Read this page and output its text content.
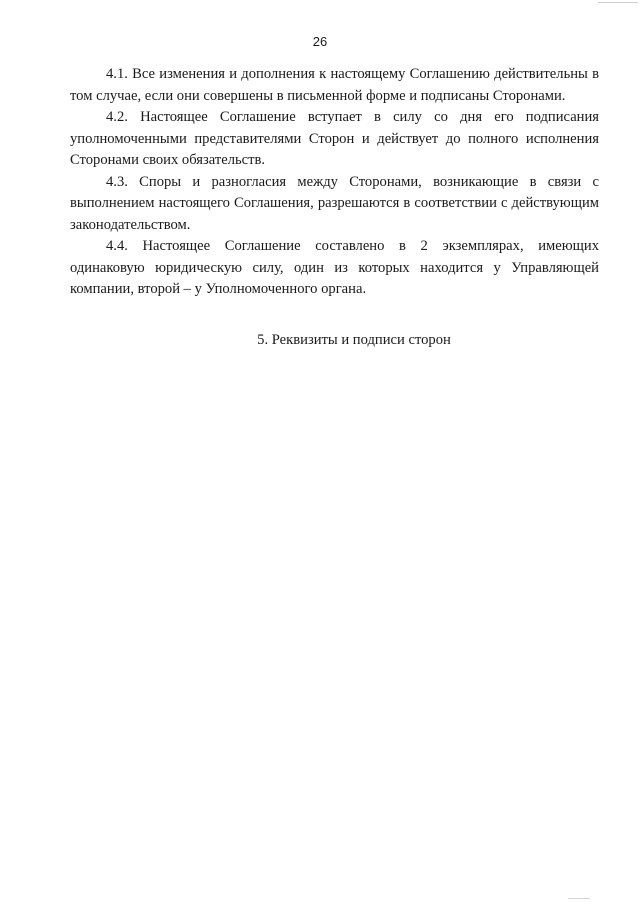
26

4.1. Все изменения и дополнения к настоящему Соглашению действительны в том случае, если они совершены в письменной форме и подписаны Сторонами.

4.2. Настоящее Соглашение вступает в силу со дня его подписания уполномоченными представителями Сторон и действует до полного исполнения Сторонами своих обязательств.

4.3. Споры и разногласия между Сторонами, возникающие в связи с выполнением настоящего Соглашения, разрешаются в соответствии с действующим законодательством.

4.4. Настоящее Соглашение составлено в 2 экземплярах, имеющих одинаковую юридическую силу, один из которых находится у Управляющей компании, второй – у Уполномоченного органа.

5. Реквизиты и подписи сторон
